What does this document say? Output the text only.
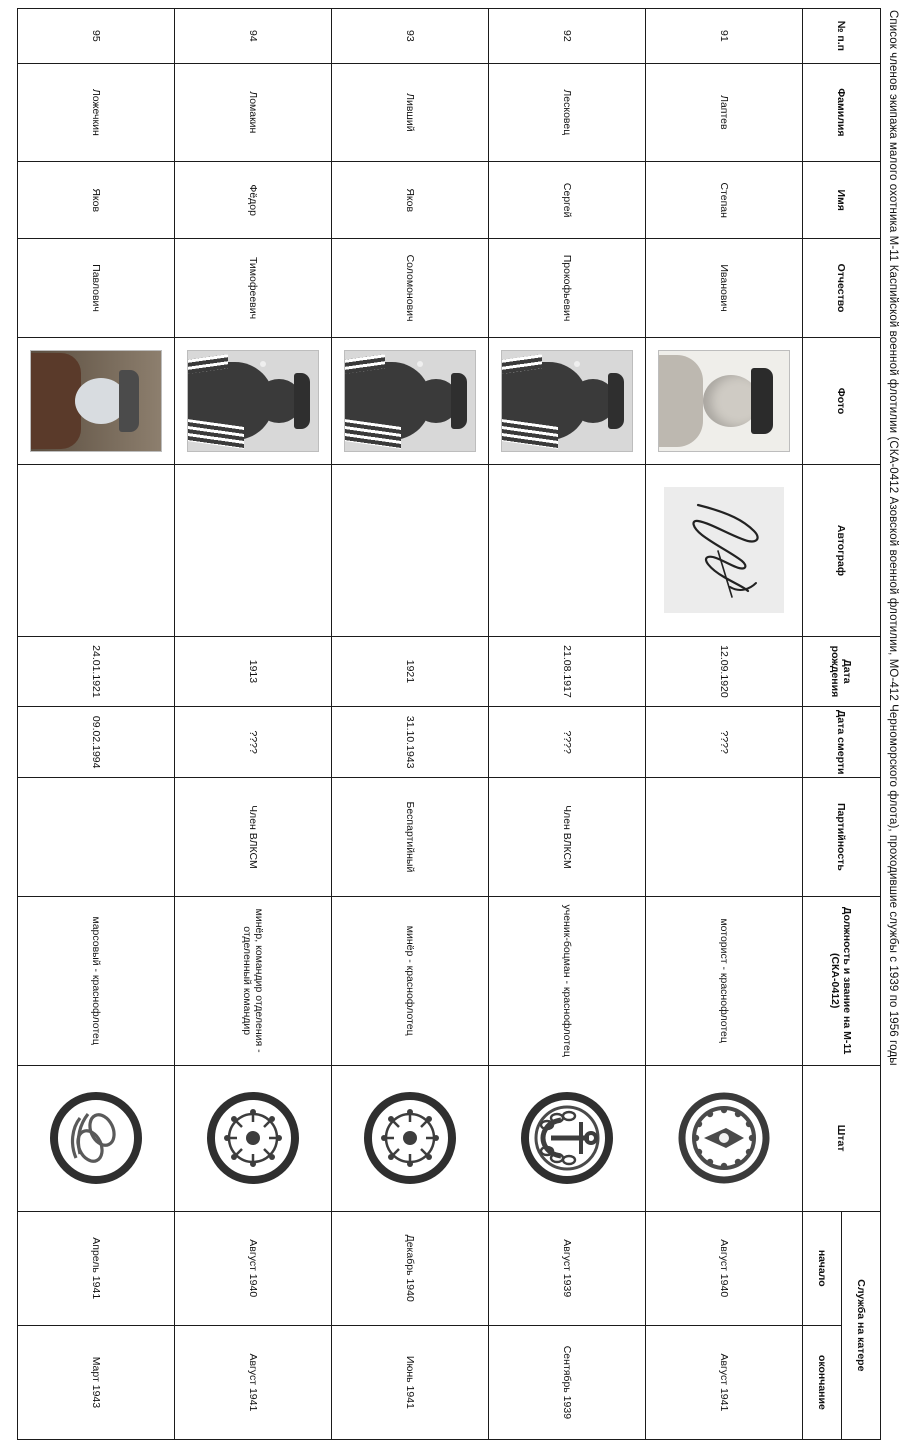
Список членов экипажа малого охотника М-11 Каспийской военной флотилии (СКА-0412 Азовской военной флотилии, МО-412 Черноморского флота), проходившие службы с 1939 по 1956 годы
№ п.п	Фамилия	Имя	Отчество	Фото	Автограф	Дата рождения	Дата смерти	Партийность	Должность и звание на М-11 (СКА-0412)	Штат	Служба на катере	
											начало	окончание
91	Лаптев	Степан	Иванович			12.09.1920	????		моторист - краснофлотец		Август 1940	Август 1941
92	Лесковец	Сергей	Прокофьевич			21.08.1917	????	Член ВЛКСМ	ученик-боцман - краснофлотец		Август 1939	Сентябрь 1939
93	Ливший	Яков	Соломонович			1921	31.10.1943	Беспартийный	минёр - краснофлотец		Декабрь 1940	Июнь 1941
94	Ломакин	Фёдор	Тимофеевич			1913	????	Член ВЛКСМ	минёр, командир отделения - отделенный командир		Август 1940	Август 1941
95	Ложечкин	Яков	Павлович			24.01.1921	09.02.1994		марсовый - краснофлотец		Апрель 1941	Март 1943
